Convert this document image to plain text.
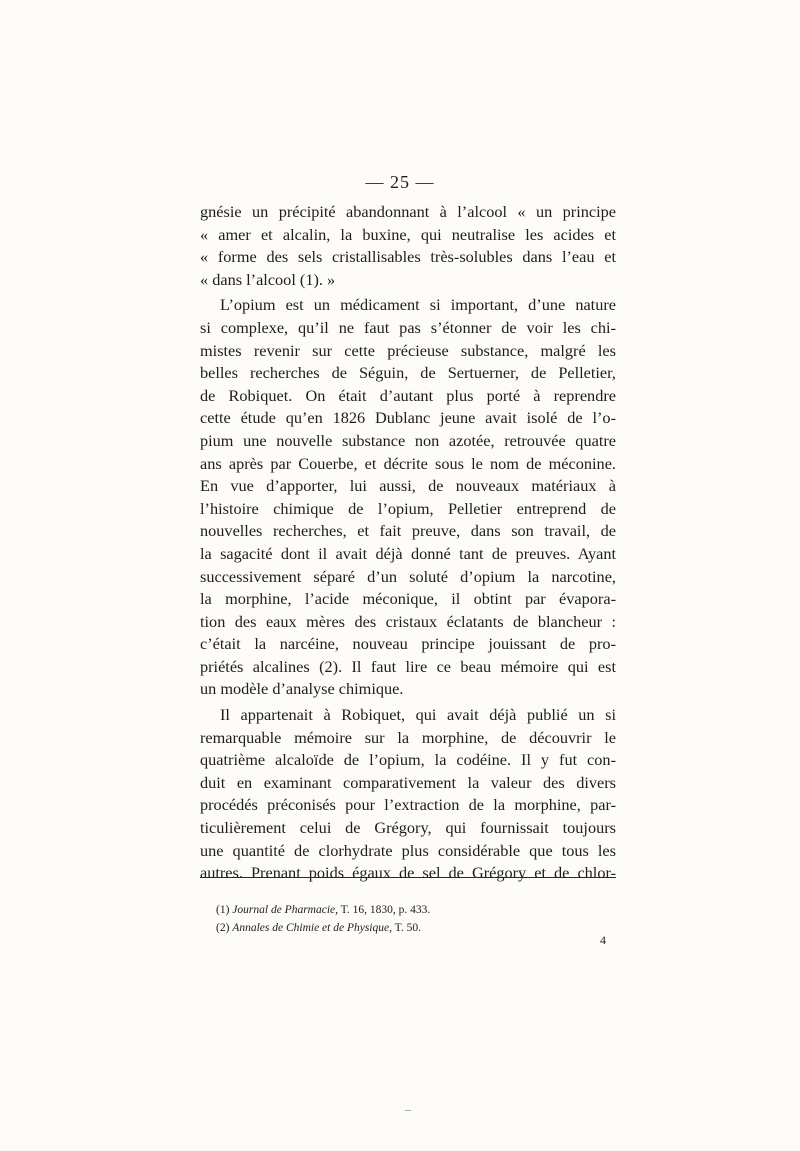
— 25 —
gnésie un précipité abandonnant à l’alcool « un principe
« amer et alcalin, la buxine, qui neutralise les acides et
« forme des sels cristallisables très-solubles dans l’eau et
« dans l’alcool (1). »
L’opium est un médicament si important, d’une nature
si complexe, qu’il ne faut pas s’étonner de voir les chi-
mistes revenir sur cette précieuse substance, malgré les
belles recherches de Séguin, de Sertuerner, de Pelletier,
de Robiquet. On était d’autant plus porté à reprendre
cette étude qu’en 1826 Dublanc jeune avait isolé de l’o-
pium une nouvelle substance non azotée, retrouvée quatre
ans après par Couerbe, et décrite sous le nom de méconine.
En vue d’apporter, lui aussi, de nouveaux matériaux à
l’histoire chimique de l’opium, Pelletier entreprend de
nouvelles recherches, et fait preuve, dans son travail, de
la sagacité dont il avait déjà donné tant de preuves. Ayant
successivement séparé d’un soluté d’opium la narcotine,
la morphine, l’acide méconique, il obtint par évapora-
tion des eaux mères des cristaux éclatants de blancheur :
c’était la narcéine, nouveau principe jouissant de pro-
priétés alcalines (2). Il faut lire ce beau mémoire qui est
un modèle d’analyse chimique.
Il appartenait à Robiquet, qui avait déjà publié un si
remarquable mémoire sur la morphine, de découvrir le
quatrième alcaloïde de l’opium, la codéine. Il y fut con-
duit en examinant comparativement la valeur des divers
procédés préconisés pour l’extraction de la morphine, par-
ticulièrement celui de Grégory, qui fournissait toujours
une quantité de clorhydrate plus considérable que tous les
autres. Prenant poids égaux de sel de Grégory et de chlor-
(1) Journal de Pharmacie, T. 16, 1830, p. 433.
(2) Annales de Chimie et de Physique, T. 50.
4
